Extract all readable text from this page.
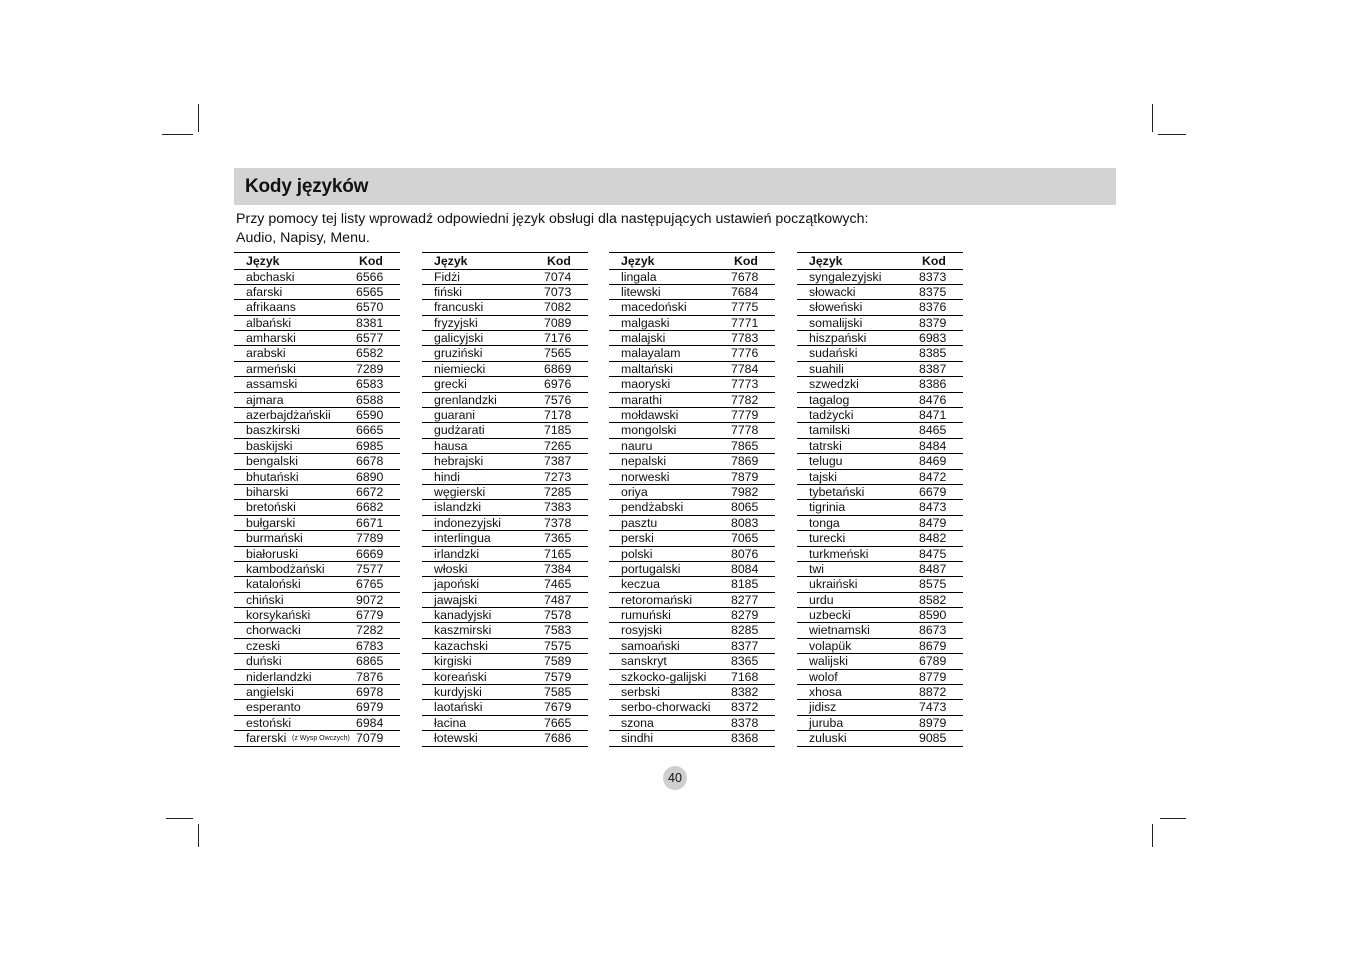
Kody języków

Przy pomocy tej listy wprowadź odpowiedni język obsługi dla następujących ustawień początkowych:

Audio, Napisy, Menu.

Język	Kod
abchaski	6566
afarski	6565
afrikaans	6570
albański	8381
amharski	6577
arabski	6582
armeński	7289
assamski	6583
ajmara	6588
azerbajdżańskii 6590
baszkirski	6665
baskijski	6985
bengalski	6678
bhutański	6890
biharski	6672
bretoński	6682
bułgarski	6671
burmański	7789
białoruski	6669
kambodżański	7577
kataloński	6765
chiński	9072
korsykański	6779
chorwacki	7282
czeski	6783
duński	6865
niderlandzki	7876
angielski	6978
esperanto	6979
estoński	6984
farerski (z Wysp Owczych) 7079
Język	Kod
Fidżi	7074
fiński	7073
francuski	7082
fryzyjski	7089
galicyjski	7176
gruziński	7565
niemiecki	6869
grecki	6976
grenlandzki	7576
guarani	7178
gudżarati	7185
hausa	7265
hebrajski	7387
hindi	7273
węgierski	7285
islandzki	7383
indonezyjski	7378
interlingua	7365
irlandzki	7165
włoski	7384
japoński	7465
jawajski	7487
kanadyjski	7578
kaszmirski	7583
kazachski	7575
kirgiski	7589
koreański	7579
kurdyjski	7585
laotański	7679
łacina	7665
łotewski	7686
Język	Kod
lingala	7678
litewski	7684
macedoński	7775
malgaski	7771
malajski	7783
malayalam	7776
maltański	7784
maoryski	7773
marathi	7782
mołdawski	7779
mongolski	7778
nauru	7865
nepalski	7869
norweski	7879
oriya	7982
pendżabski	8065
pasztu	8083
perski	7065
polski	8076
portugalski	8084
keczua	8185
retoromański	8277
rumuński	8279
rosyjski	8285
samoański	8377
sanskryt	8365
szkocko-galijski 7168
serbski	8382
serbo-chorwacki 8372
szona	8378
sindhi	8368
Język	Kod
syngalezyjski	8373
słowacki	8375
słoweński	8376
somalijski	8379
hiszpański	6983
sudański	8385
suahili	8387
szwedzki	8386
tagalog	8476
tadżycki	8471
tamilski	8465
tatrski	8484
telugu	8469
tajski	8472
tybetański	6679
tigrinia	8473
tonga	8479
turecki	8482
turkmeński	8475
twi	8487
ukraiński	8575
urdu	8582
uzbecki	8590
wietnamski	8673
volapük	8679
walijski	6789
wolof	8779
xhosa	8872
jidisz	7473
juruba	8979
zuluski	9085
40
